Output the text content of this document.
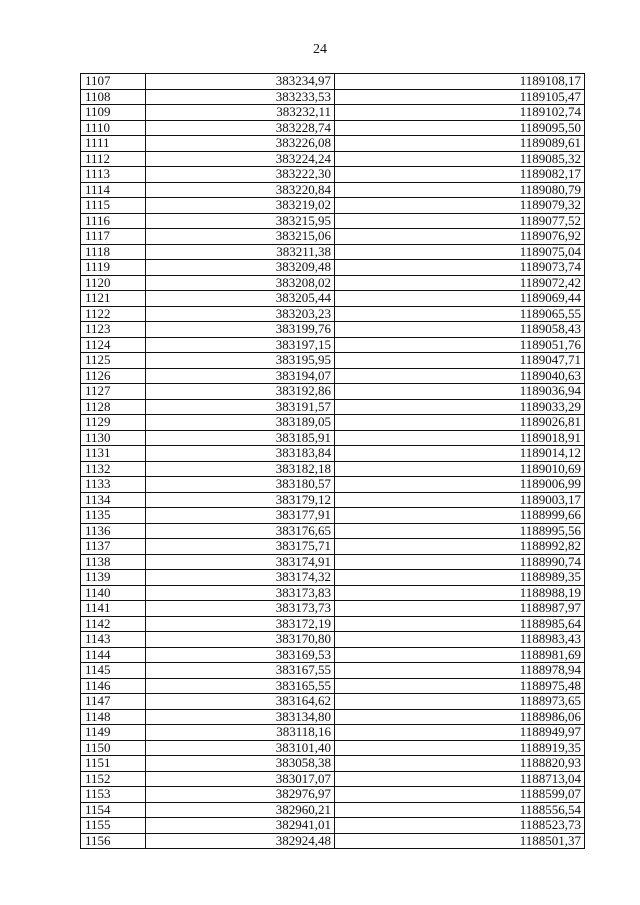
24
1107	383234,97	1189108,17
1108	383233,53	1189105,47
1109	383232,11	1189102,74
1110	383228,74	1189095,50
1111	383226,08	1189089,61
1112	383224,24	1189085,32
1113	383222,30	1189082,17
1114	383220,84	1189080,79
1115	383219,02	1189079,32
1116	383215,95	1189077,52
1117	383215,06	1189076,92
1118	383211,38	1189075,04
1119	383209,48	1189073,74
1120	383208,02	1189072,42
1121	383205,44	1189069,44
1122	383203,23	1189065,55
1123	383199,76	1189058,43
1124	383197,15	1189051,76
1125	383195,95	1189047,71
1126	383194,07	1189040,63
1127	383192,86	1189036,94
1128	383191,57	1189033,29
1129	383189,05	1189026,81
1130	383185,91	1189018,91
1131	383183,84	1189014,12
1132	383182,18	1189010,69
1133	383180,57	1189006,99
1134	383179,12	1189003,17
1135	383177,91	1188999,66
1136	383176,65	1188995,56
1137	383175,71	1188992,82
1138	383174,91	1188990,74
1139	383174,32	1188989,35
1140	383173,83	1188988,19
1141	383173,73	1188987,97
1142	383172,19	1188985,64
1143	383170,80	1188983,43
1144	383169,53	1188981,69
1145	383167,55	1188978,94
1146	383165,55	1188975,48
1147	383164,62	1188973,65
1148	383134,80	1188986,06
1149	383118,16	1188949,97
1150	383101,40	1188919,35
1151	383058,38	1188820,93
1152	383017,07	1188713,04
1153	382976,97	1188599,07
1154	382960,21	1188556,54
1155	382941,01	1188523,73
1156	382924,48	1188501,37
